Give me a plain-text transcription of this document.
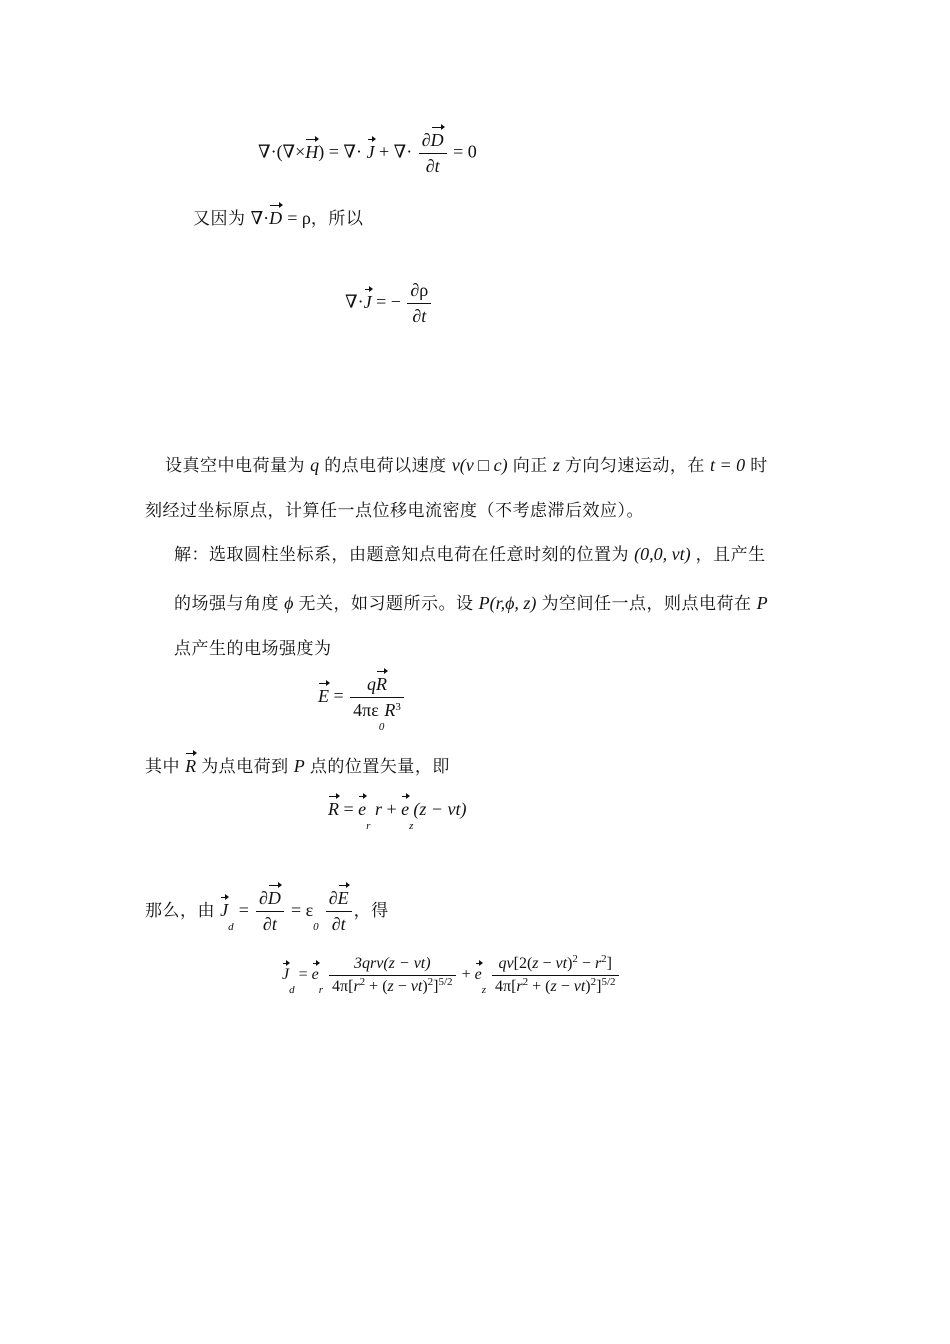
∇·(∇×H) = ∇· J + ∇· $\frac{\partial D}{\partial t} = 0$
又因为 ∇·D = ρ，所以
∇·J = − $\frac{\partial\rho}{\partial t}$
设真空中电荷量为 q 的点电荷以速度 v(v □ c) 向正 z 方向匀速运动，在 t = 0 时
刻经过坐标原点，计算任一点位移电流密度（不考虑滞后效应）。
解：选取圆柱坐标系，由题意知点电荷在任意时刻的位置为 (0,0, vt) ，且产生
的场强与角度 ϕ 无关，如习题所示。设 P(r,ϕ, z) 为空间任一点，则点电荷在 P
点产生的电场强度为
$E = \frac{qR}{4\pi\varepsilon_0R^3}$
其中 R 为点电荷到 P 点的位置矢量，即
$R = e_r$ $r + e_z(z - vt)$
那么，由 $J_d = \frac{\partial D}{\partial t} = \varepsilon_0 \frac{\partial E}{\partial t}$ ，得
$J_d = e_r \frac{\text{3qrv(z − vt)}}{4\pi[r^2 + (z - vt)^2]^{5/2}} + e_z \frac{qv[2(z - vt)^2 - r^2]}{4\pi[r^2 + (z - vt)^2]^{5/2}}$
